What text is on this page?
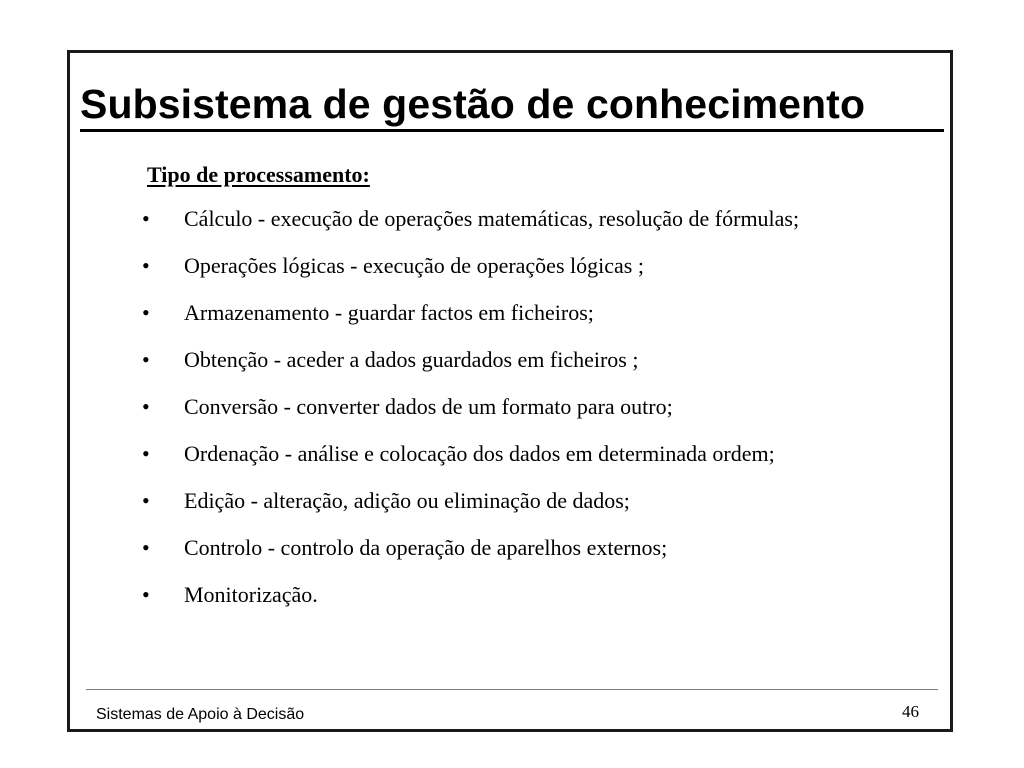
Subsistema de gestão de conhecimento

Tipo de processamento:

•	Cálculo - execução de operações matemáticas, resolução de fórmulas;
•	Operações lógicas - execução de operações lógicas ;
•	Armazenamento - guardar factos em ficheiros;
•	Obtenção - aceder a dados guardados em ficheiros ;
•	Conversão - converter dados de um formato para outro;
•	Ordenação - análise e colocação dos dados em determinada ordem;
•	Edição - alteração, adição ou eliminação de dados;
•	Controlo - controlo da operação de aparelhos externos;
•	Monitorização.
Sistemas de Apoio à Decisão	46
